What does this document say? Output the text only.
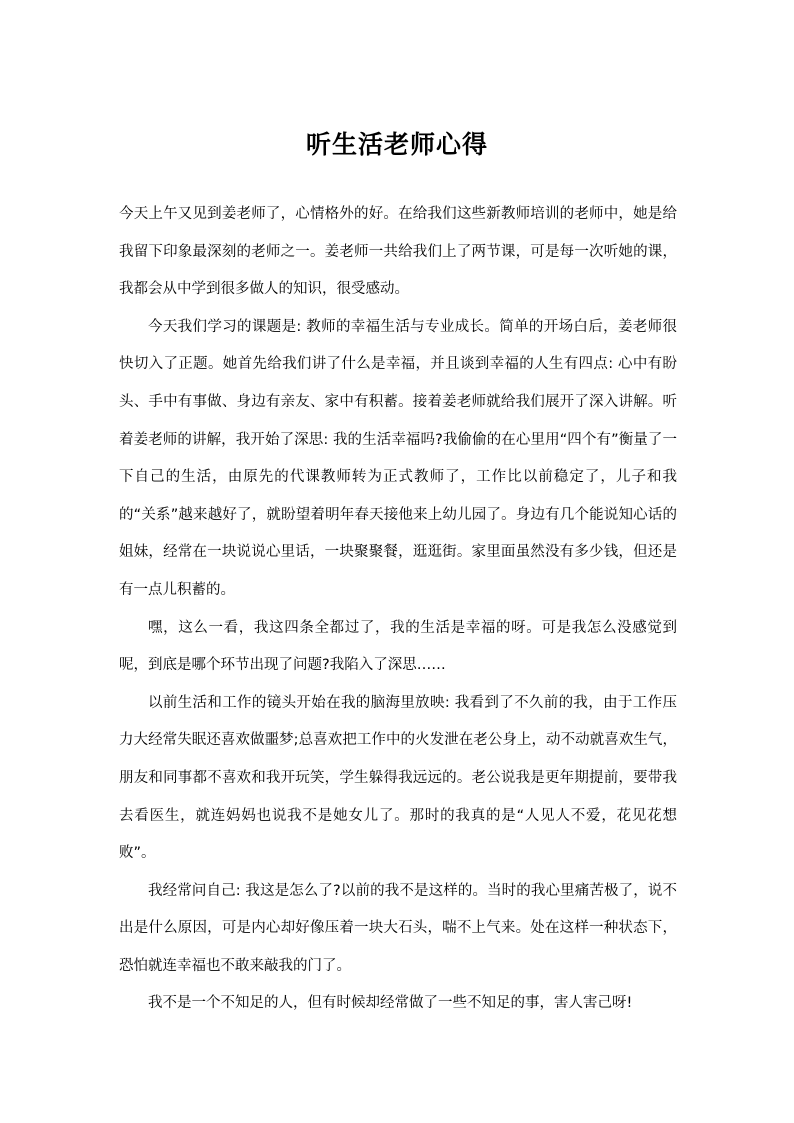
听生活老师心得

今天上午又见到姜老师了，心情格外的好。在给我们这些新教师培训的老师中，她是给我留下印象最深刻的老师之一。姜老师一共给我们上了两节课，可是每一次听她的课，我都会从中学到很多做人的知识，很受感动。

今天我们学习的课题是: 教师的幸福生活与专业成长。简单的开场白后，姜老师很快切入了正题。她首先给我们讲了什么是幸福，并且谈到幸福的人生有四点: 心中有盼头、手中有事做、身边有亲友、家中有积蓄。接着姜老师就给我们展开了深入讲解。听着姜老师的讲解，我开始了深思: 我的生活幸福吗?我偷偷的在心里用“四个有”衡量了一下自己的生活，由原先的代课教师转为正式教师了，工作比以前稳定了，儿子和我的“关系”越来越好了，就盼望着明年春天接他来上幼儿园了。身边有几个能说知心话的姐妹，经常在一块说说心里话，一块聚聚餐，逛逛街。家里面虽然没有多少钱，但还是有一点儿积蓄的。

嘿，这么一看，我这四条全都过了，我的生活是幸福的呀。可是我怎么没感觉到呢，到底是哪个环节出现了问题?我陷入了深思……

以前生活和工作的镜头开始在我的脑海里放映: 我看到了不久前的我，由于工作压力大经常失眠还喜欢做噩梦;总喜欢把工作中的火发泄在老公身上，动不动就喜欢生气，朋友和同事都不喜欢和我开玩笑，学生躲得我远远的。老公说我是更年期提前，要带我去看医生，就连妈妈也说我不是她女儿了。那时的我真的是“人见人不爱，花见花想败”。

我经常问自己: 我这是怎么了?以前的我不是这样的。当时的我心里痛苦极了，说不出是什么原因，可是内心却好像压着一块大石头，喘不上气来。处在这样一种状态下，恐怕就连幸福也不敢来敲我的门了。

我不是一个不知足的人，但有时候却经常做了一些不知足的事，害人害己呀!
